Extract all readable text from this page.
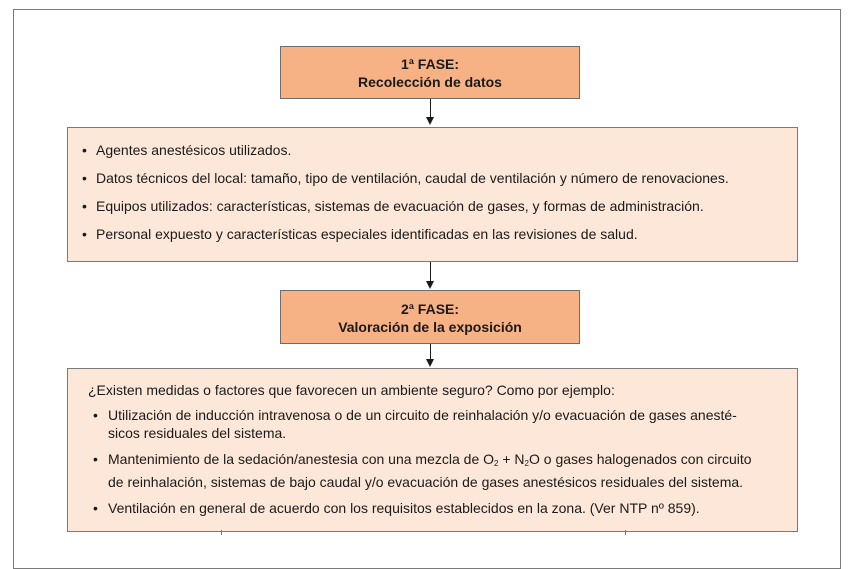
1ª FASE:
Recolección de datos
• Agentes anestésicos utilizados.
• Datos técnicos del local: tamaño, tipo de ventilación, caudal de ventilación y número de renovaciones.
• Equipos utilizados: características, sistemas de evacuación de gases, y formas de administración.
• Personal expuesto y características especiales identificadas en las revisiones de salud.
2ª FASE:
Valoración de la exposición
¿Existen medidas o factores que favorecen un ambiente seguro? Como por ejemplo:
• Utilización de inducción intravenosa o de un circuito de reinhalación y/o evacuación de gases anesté-
sicos residuales del sistema.
• Mantenimiento de la sedación/anestesia con una mezcla de $O_2 + N_2O$ o gases halogenados con circuito
de reinhalación, sistemas de bajo caudal y/o evacuación de gases anestésicos residuales del sistema.
• Ventilación en general de acuerdo con los requisitos establecidos en la zona. (Ver NTP nº 859).
